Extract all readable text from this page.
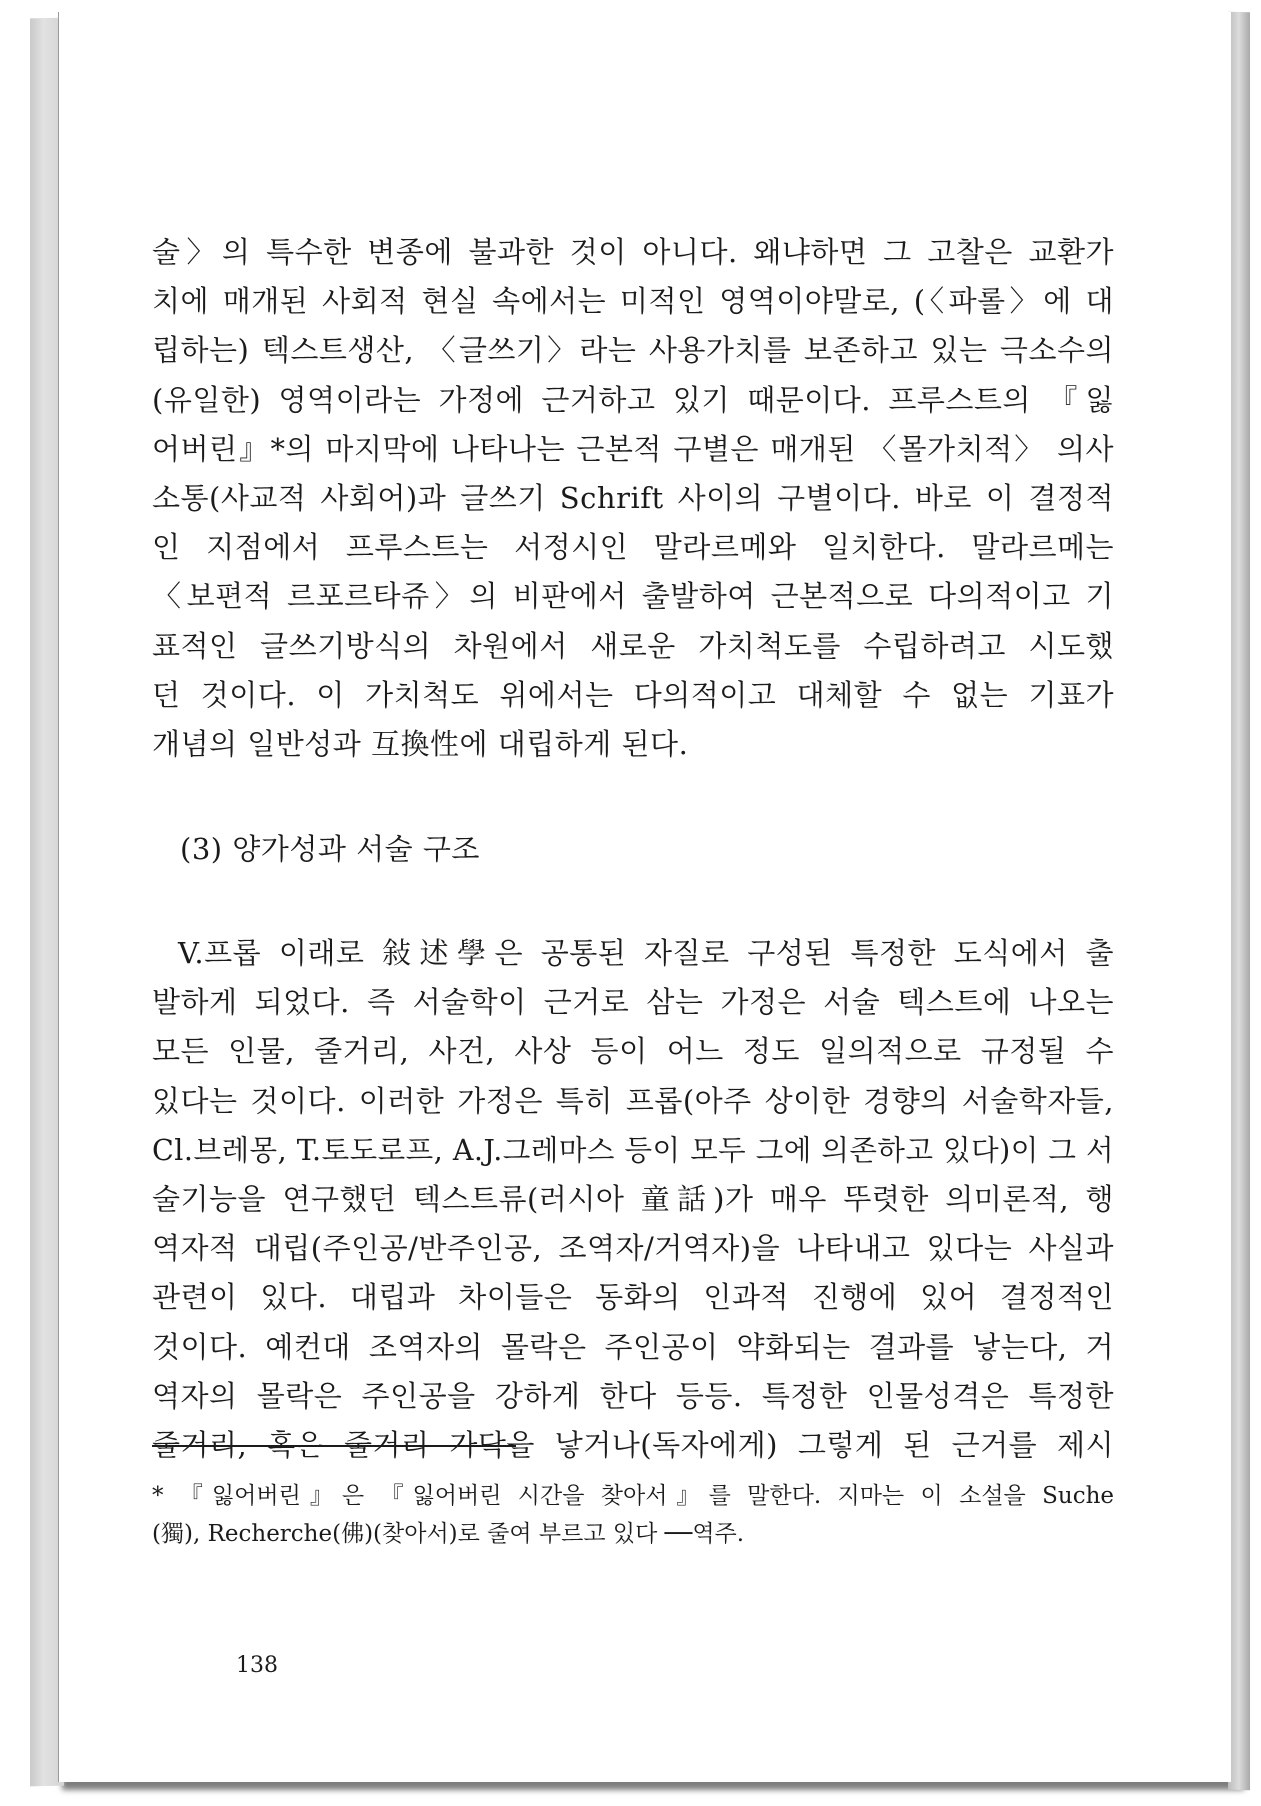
술〉의 특수한 변종에 불과한 것이 아니다. 왜냐하면 그 고찰은 교환가
치에 매개된 사회적 현실 속에서는 미적인 영역이야말로, (〈파롤〉에 대
립하는) 텍스트생산, 〈글쓰기〉라는 사용가치를 보존하고 있는 극소수의
(유일한) 영역이라는 가정에 근거하고 있기 때문이다. 프루스트의 『잃
어버린』*의 마지막에 나타나는 근본적 구별은 매개된 〈몰가치적〉 의사
소통(사교적 사회어)과 글쓰기 Schrift 사이의 구별이다. 바로 이 결정적
인 지점에서 프루스트는 서정시인 말라르메와 일치한다. 말라르메는
〈보편적 르포르타쥬〉의 비판에서 출발하여 근본적으로 다의적이고 기
표적인 글쓰기방식의 차원에서 새로운 가치척도를 수립하려고 시도했
던 것이다. 이 가치척도 위에서는 다의적이고 대체할 수 없는 기표가
개념의 일반성과 互換性에 대립하게 된다.
(3) 양가성과 서술 구조
V.프롭 이래로 敍述學은 공통된 자질로 구성된 특정한 도식에서 출
발하게 되었다. 즉 서술학이 근거로 삼는 가정은 서술 텍스트에 나오는
모든 인물, 줄거리, 사건, 사상 등이 어느 정도 일의적으로 규정될 수
있다는 것이다. 이러한 가정은 특히 프롭(아주 상이한 경향의 서술학자들,
Cl.브레몽, T.토도로프, A.J.그레마스 등이 모두 그에 의존하고 있다)이 그 서
술기능을 연구했던 텍스트류(러시아 童話)가 매우 뚜렷한 의미론적, 행
역자적 대립(주인공/반주인공, 조역자/거역자)을 나타내고 있다는 사실과
관련이 있다. 대립과 차이들은 동화의 인과적 진행에 있어 결정적인
것이다. 예컨대 조역자의 몰락은 주인공이 약화되는 결과를 낳는다, 거
역자의 몰락은 주인공을 강하게 한다 등등. 특정한 인물성격은 특정한
줄거리, 혹은 줄거리 가닥을 낳거나(독자에게) 그렇게 된 근거를 제시
* 『잃어버린』은 『잃어버린 시간을 찾아서』를 말한다. 지마는 이 소설을 Suche
(獨), Recherche(佛)(찾아서)로 줄여 부르고 있다 ──역주.
138
